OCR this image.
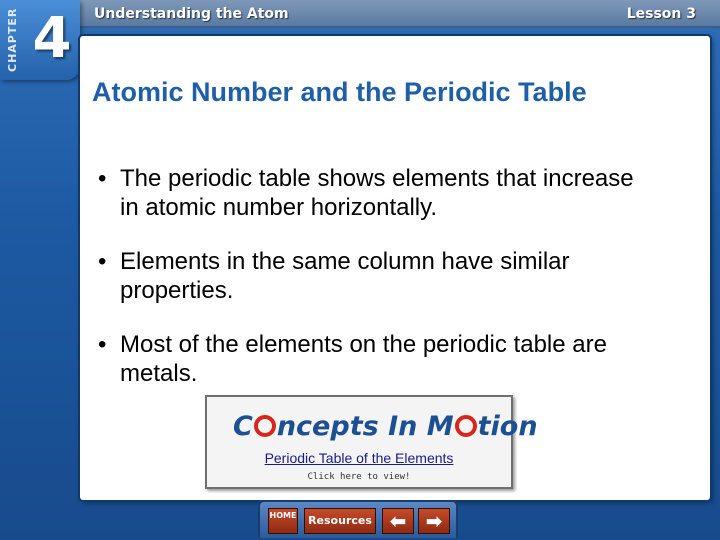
CHAPTER 4	Understanding the Atom	Lesson 3
Atomic Number and the Periodic Table
• The periodic table shows elements that increase in atomic number horizontally.
• Elements in the same column have similar properties.
• Most of the elements on the periodic table are metals.
C ncepts In M tion
Periodic Table of the Elements
Click here to view!
HOME	Resources ⬅ ➡
